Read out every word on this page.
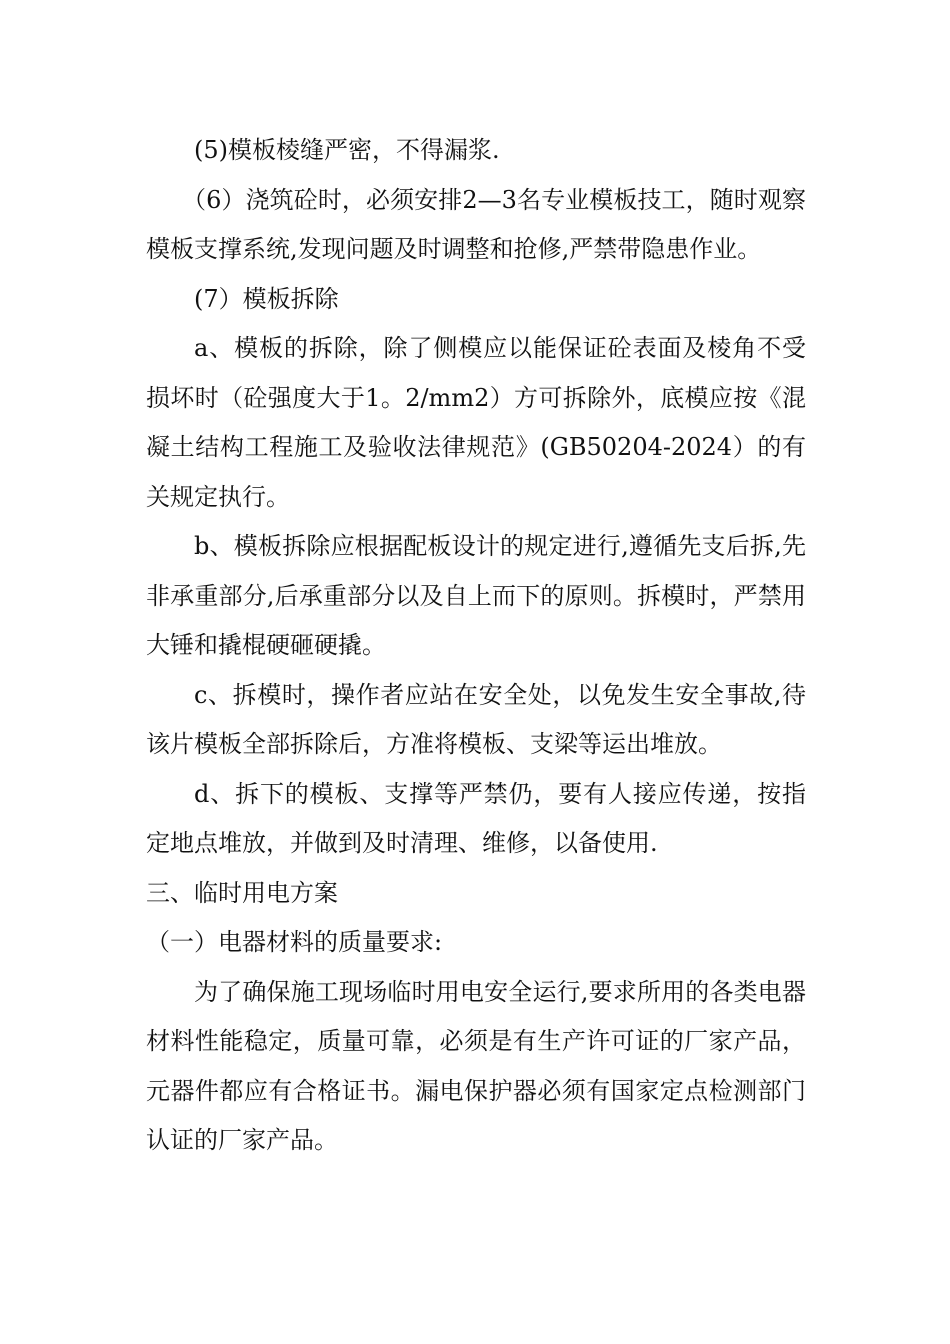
(5)模板棱缝严密，不得漏浆.

（6）浇筑砼时，必须安排2—3名专业模板技工，随时观察模板支撑系统,发现问题及时调整和抢修,严禁带隐患作业。

(7）模板拆除

a、模板的拆除，除了侧模应以能保证砼表面及棱角不受损坏时（砼强度大于1。2/mm2）方可拆除外，底模应按《混凝土结构工程施工及验收法律规范》(GB50204-2024）的有关规定执行。

b、模板拆除应根据配板设计的规定进行,遵循先支后拆,先非承重部分,后承重部分以及自上而下的原则。拆模时，严禁用大锤和撬棍硬砸硬撬。

c、拆模时，操作者应站在安全处，以免发生安全事故,待该片模板全部拆除后，方准将模板、支梁等运出堆放。

d、拆下的模板、支撑等严禁仍，要有人接应传递，按指定地点堆放，并做到及时清理、维修，以备使用.

三、临时用电方案

（一）电器材料的质量要求:

为了确保施工现场临时用电安全运行,要求所用的各类电器材料性能稳定，质量可靠，必须是有生产许可证的厂家产品，元器件都应有合格证书。漏电保护器必须有国家定点检测部门认证的厂家产品。
